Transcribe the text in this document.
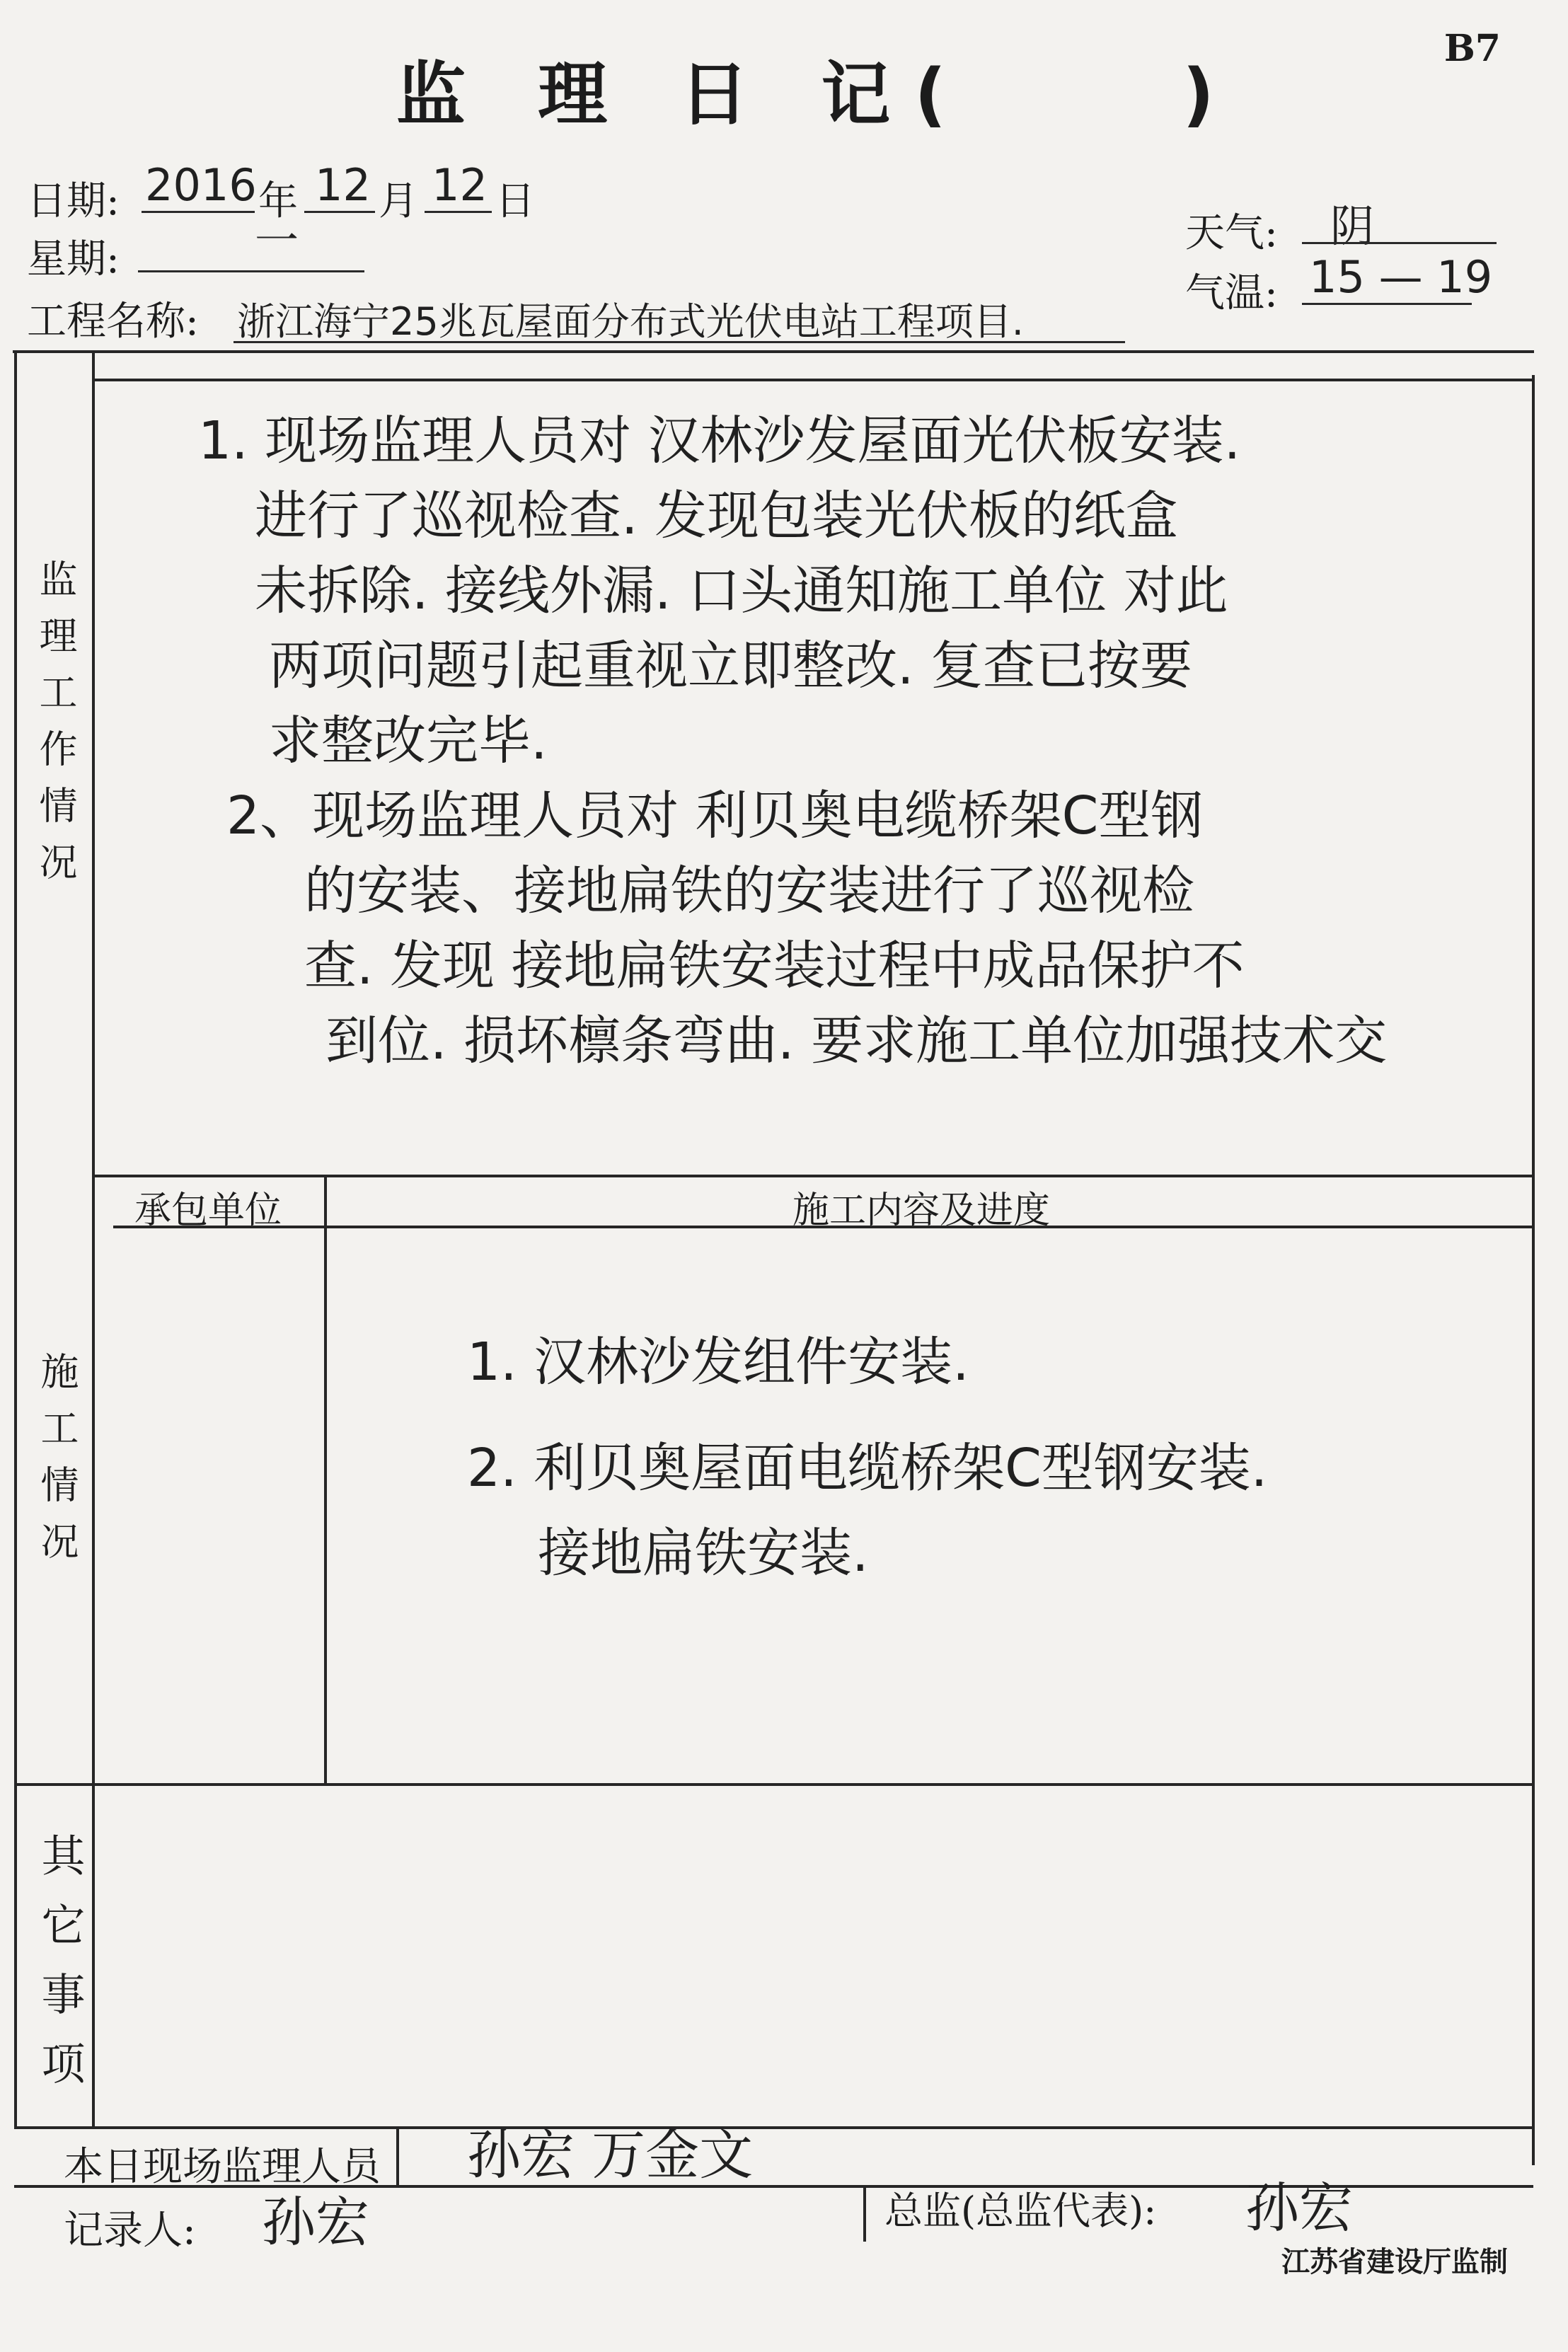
监 理 日 记(	)
B7
日期: 2016 年 12 月 12 日
星期:	一	天气: 阴
气温: 15 — 19
工程名称: 浙江海宁25兆瓦屋面分布式光伏电站工程项目.
监理工作情况

1. 现场监理人员对 汉林沙发屋面光伏板安装.

进行了巡视检查. 发现包装光伏板的纸盒

未拆除. 接线外漏. 口头通知施工单位 对此

两项问题引起重视立即整改. 复查已按要

求整改完毕.

2、现场监理人员对 利贝奥电缆桥架C型钢

的安装、接地扁铁的安装进行了巡视检

查. 发现 接地扁铁安装过程中成品保护不

到位. 损坏檩条弯曲. 要求施工单位加强技术交

施工情况
承包单位	施工内容及进度

1. 汉林沙发组件安装.

2. 利贝奥屋面电缆桥架C型钢安装.

接地扁铁安装.

其它事项
本日现场监理人员 孙宏 万金文
记录人: 孙宏	总监(总监代表): 孙宏
江苏省建设厅监制
